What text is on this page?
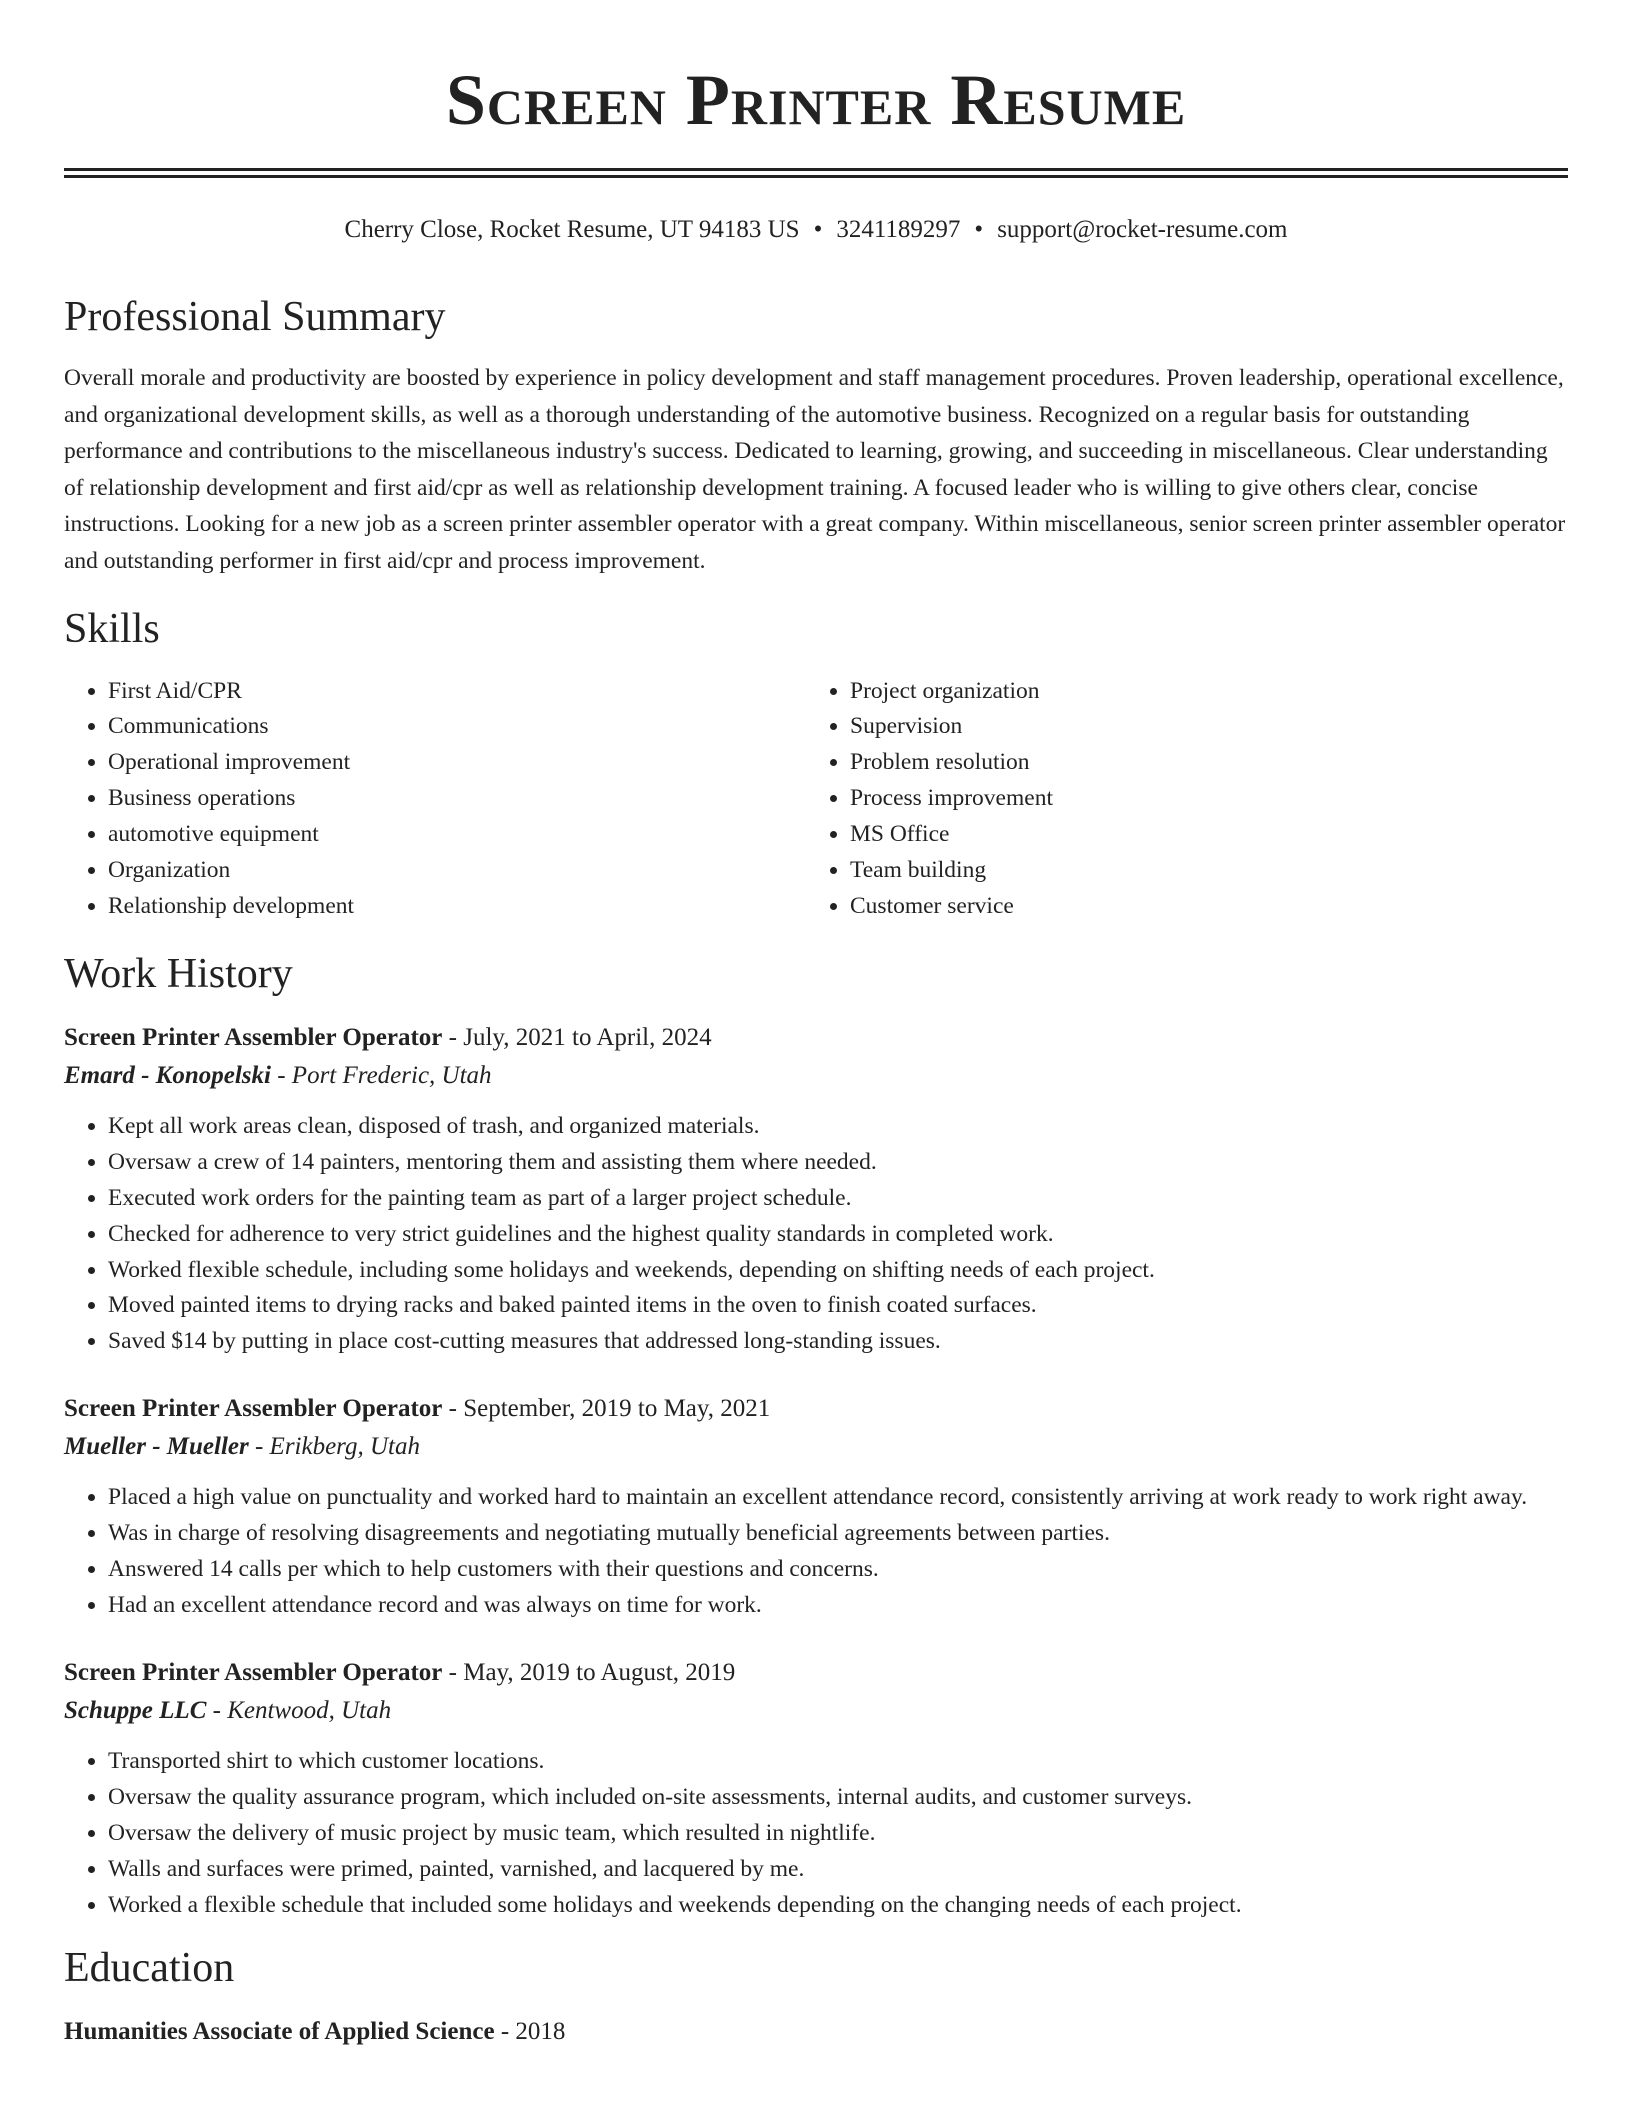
Screen Printer Resume
Cherry Close, Rocket Resume, UT 94183 US • 3241189297 • support@rocket-resume.com
Professional Summary
Overall morale and productivity are boosted by experience in policy development and staff management procedures. Proven leadership, operational excellence, and organizational development skills, as well as a thorough understanding of the automotive business. Recognized on a regular basis for outstanding performance and contributions to the miscellaneous industry's success. Dedicated to learning, growing, and succeeding in miscellaneous. Clear understanding of relationship development and first aid/cpr as well as relationship development training. A focused leader who is willing to give others clear, concise instructions. Looking for a new job as a screen printer assembler operator with a great company. Within miscellaneous, senior screen printer assembler operator and outstanding performer in first aid/cpr and process improvement.
Skills
• First Aid/CPR
• Communications
• Operational improvement
• Business operations
• automotive equipment
• Organization
• Relationship development
• Project organization
• Supervision
• Problem resolution
• Process improvement
• MS Office
• Team building
• Customer service
Work History
Screen Printer Assembler Operator - July, 2021 to April, 2024
Emard - Konopelski - Port Frederic, Utah
• Kept all work areas clean, disposed of trash, and organized materials.
• Oversaw a crew of 14 painters, mentoring them and assisting them where needed.
• Executed work orders for the painting team as part of a larger project schedule.
• Checked for adherence to very strict guidelines and the highest quality standards in completed work.
• Worked flexible schedule, including some holidays and weekends, depending on shifting needs of each project.
• Moved painted items to drying racks and baked painted items in the oven to finish coated surfaces.
• Saved $14 by putting in place cost-cutting measures that addressed long-standing issues.
Screen Printer Assembler Operator - September, 2019 to May, 2021
Mueller - Mueller - Erikberg, Utah
• Placed a high value on punctuality and worked hard to maintain an excellent attendance record, consistently arriving at work ready to work right away.
• Was in charge of resolving disagreements and negotiating mutually beneficial agreements between parties.
• Answered 14 calls per which to help customers with their questions and concerns.
• Had an excellent attendance record and was always on time for work.
Screen Printer Assembler Operator - May, 2019 to August, 2019
Schuppe LLC - Kentwood, Utah
• Transported shirt to which customer locations.
• Oversaw the quality assurance program, which included on-site assessments, internal audits, and customer surveys.
• Oversaw the delivery of music project by music team, which resulted in nightlife.
• Walls and surfaces were primed, painted, varnished, and lacquered by me.
• Worked a flexible schedule that included some holidays and weekends depending on the changing needs of each project.
Education
Humanities Associate of Applied Science - 2018
